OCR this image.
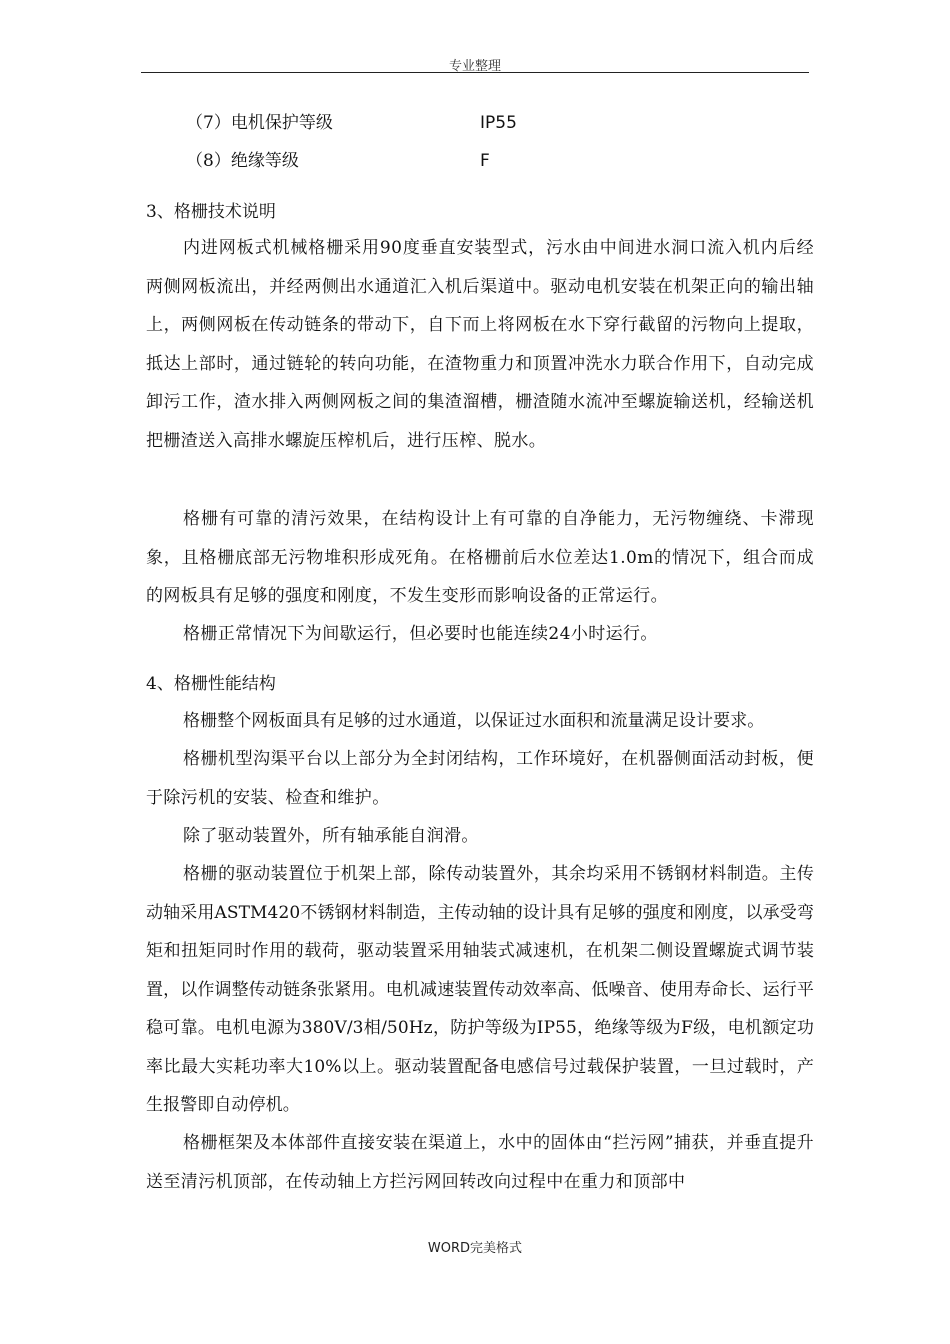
专业整理
（7）电机保护等级	IP55
（8）绝缘等级	F
3、格栅技术说明
内进网板式机械格栅采用90度垂直安装型式，污水由中间进水洞口流入机内后经两侧网板流出，并经两侧出水通道汇入机后渠道中。驱动电机安装在机架正向的输出轴上，两侧网板在传动链条的带动下，自下而上将网板在水下穿行截留的污物向上提取，抵达上部时，通过链轮的转向功能，在渣物重力和顶置冲洗水力联合作用下，自动完成卸污工作，渣水排入两侧网板之间的集渣溜槽，栅渣随水流冲至螺旋输送机，经输送机把栅渣送入高排水螺旋压榨机后，进行压榨、脱水。
格栅有可靠的清污效果，在结构设计上有可靠的自净能力，无污物缠绕、卡滞现象，且格栅底部无污物堆积形成死角。在格栅前后水位差达1.0m的情况下，组合而成的网板具有足够的强度和刚度，不发生变形而影响设备的正常运行。
格栅正常情况下为间歇运行，但必要时也能连续24小时运行。
4、格栅性能结构
格栅整个网板面具有足够的过水通道，以保证过水面积和流量满足设计要求。
格栅机型沟渠平台以上部分为全封闭结构，工作环境好，在机器侧面活动封板，便于除污机的安装、检查和维护。
除了驱动装置外，所有轴承能自润滑。
格栅的驱动装置位于机架上部，除传动装置外，其余均采用不锈钢材料制造。主传动轴采用ASTM420不锈钢材料制造，主传动轴的设计具有足够的强度和刚度，以承受弯矩和扭矩同时作用的载荷，驱动装置采用轴装式减速机，在机架二侧设置螺旋式调节装置，以作调整传动链条张紧用。电机减速装置传动效率高、低噪音、使用寿命长、运行平稳可靠。电机电源为380V/3相/50Hz，防护等级为IP55，绝缘等级为F级，电机额定功率比最大实耗功率大10%以上。驱动装置配备电感信号过载保护装置，一旦过载时，产生报警即自动停机。
格栅框架及本体部件直接安装在渠道上，水中的固体由“拦污网”捕获，并垂直提升送至清污机顶部，在传动轴上方拦污网回转改向过程中在重力和顶部中
WORD完美格式
